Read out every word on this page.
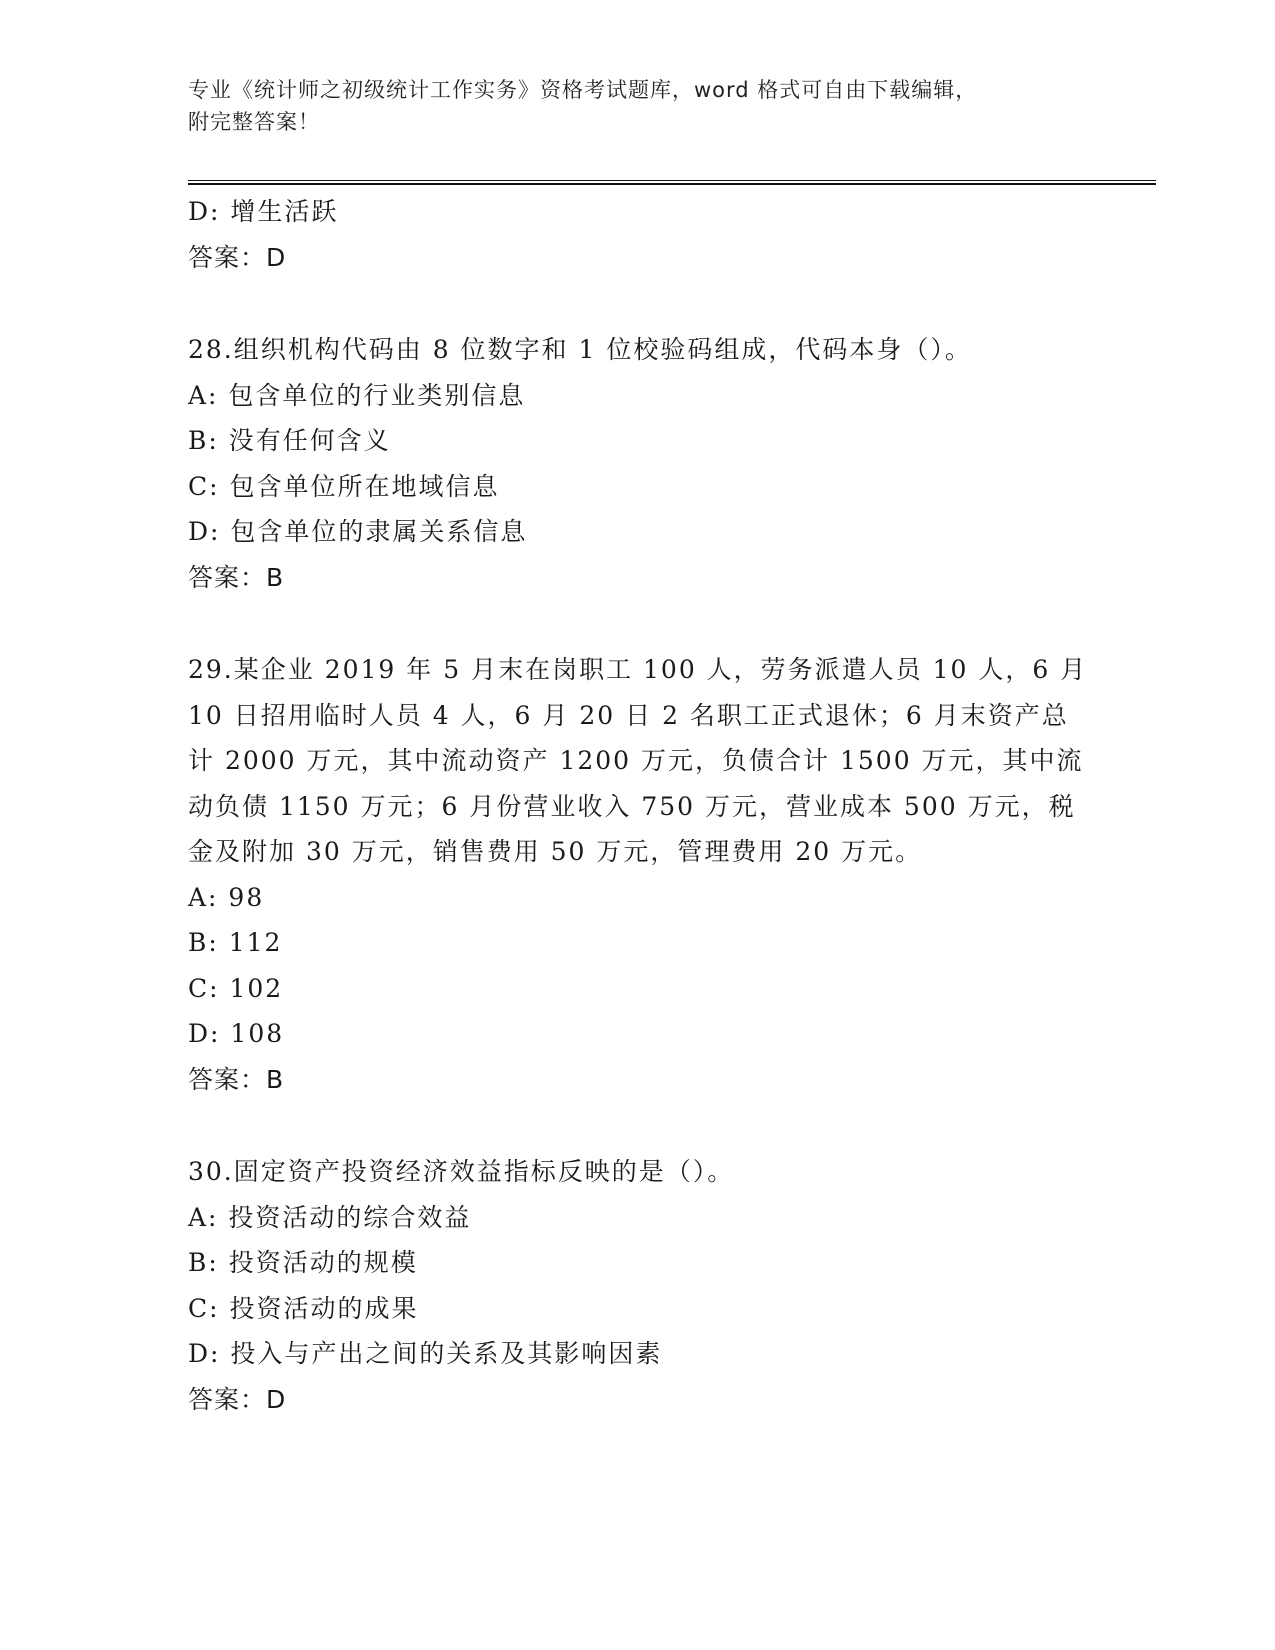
专业《统计师之初级统计工作实务》资格考试题库，word 格式可自由下载编辑，
附完整答案！
D: 增生活跃
答案：D
28.组织机构代码由 8 位数字和 1 位校验码组成，代码本身（）。
A: 包含单位的行业类别信息
B: 没有任何含义
C: 包含单位所在地域信息
D: 包含单位的隶属关系信息
答案：B
29.某企业 2019 年 5 月末在岗职工 100 人，劳务派遣人员 10 人，6 月
10 日招用临时人员 4 人，6 月 20 日 2 名职工正式退休；6 月末资产总
计 2000 万元，其中流动资产 1200 万元，负债合计 1500 万元，其中流
动负债 1150 万元；6 月份营业收入 750 万元，营业成本 500 万元，税
金及附加 30 万元，销售费用 50 万元，管理费用 20 万元。
A: 98
B: 112
C: 102
D: 108
答案：B
30.固定资产投资经济效益指标反映的是（）。
A: 投资活动的综合效益
B: 投资活动的规模
C: 投资活动的成果
D: 投入与产出之间的关系及其影响因素
答案：D
